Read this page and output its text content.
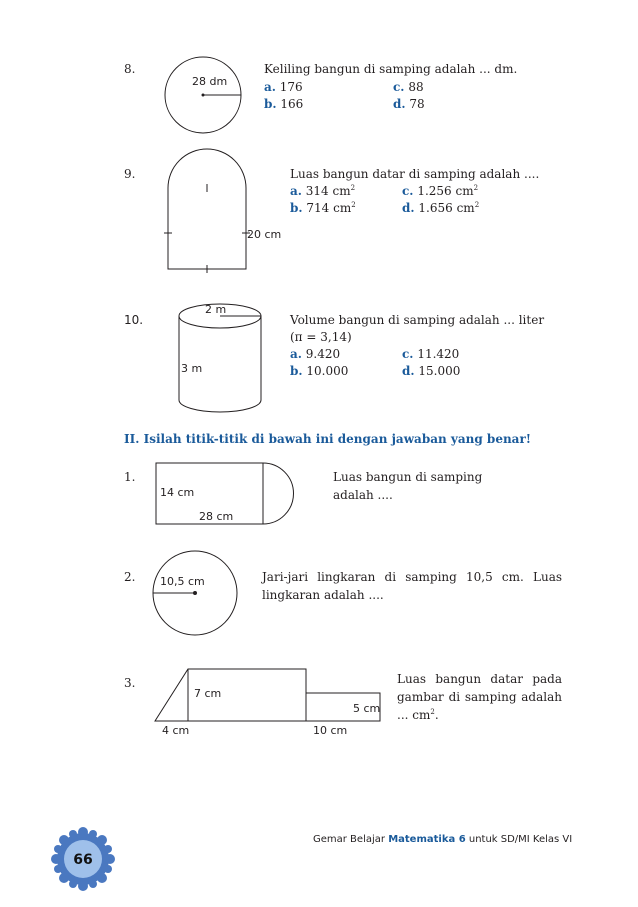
8.
28 dm
Keliling bangun di samping adalah ... dm.
a. 176	c. 88
b. 166	d. 78
9.
20 cm
Luas bangun datar di samping adalah ....
a. 314 $cm^2$	c. 1.256 $cm^2$
b. 714 $cm^2$	d. 1.656 $cm^2$
10.
2 m
3 m
Volume bangun di samping adalah ... liter
(π = 3,14)
a. 9.420	c. 11.420
b. 10.000	d. 15.000
II. Isilah titik-titik di bawah ini dengan jawaban yang benar!
1.
14 cm
28 cm
Luas bangun di samping adalah ....
2. 10,5 cm	Jari-jari lingkaran di samping 10,5 cm. Luas lingkaran adalah ....
3.
7 cm
5 cm
4 cm	10 cm
Luas bangun datar pada gambar di samping adalah ... $cm^2$.
Gemar Belajar Matematika 6 untuk SD/MI Kelas VI
66
